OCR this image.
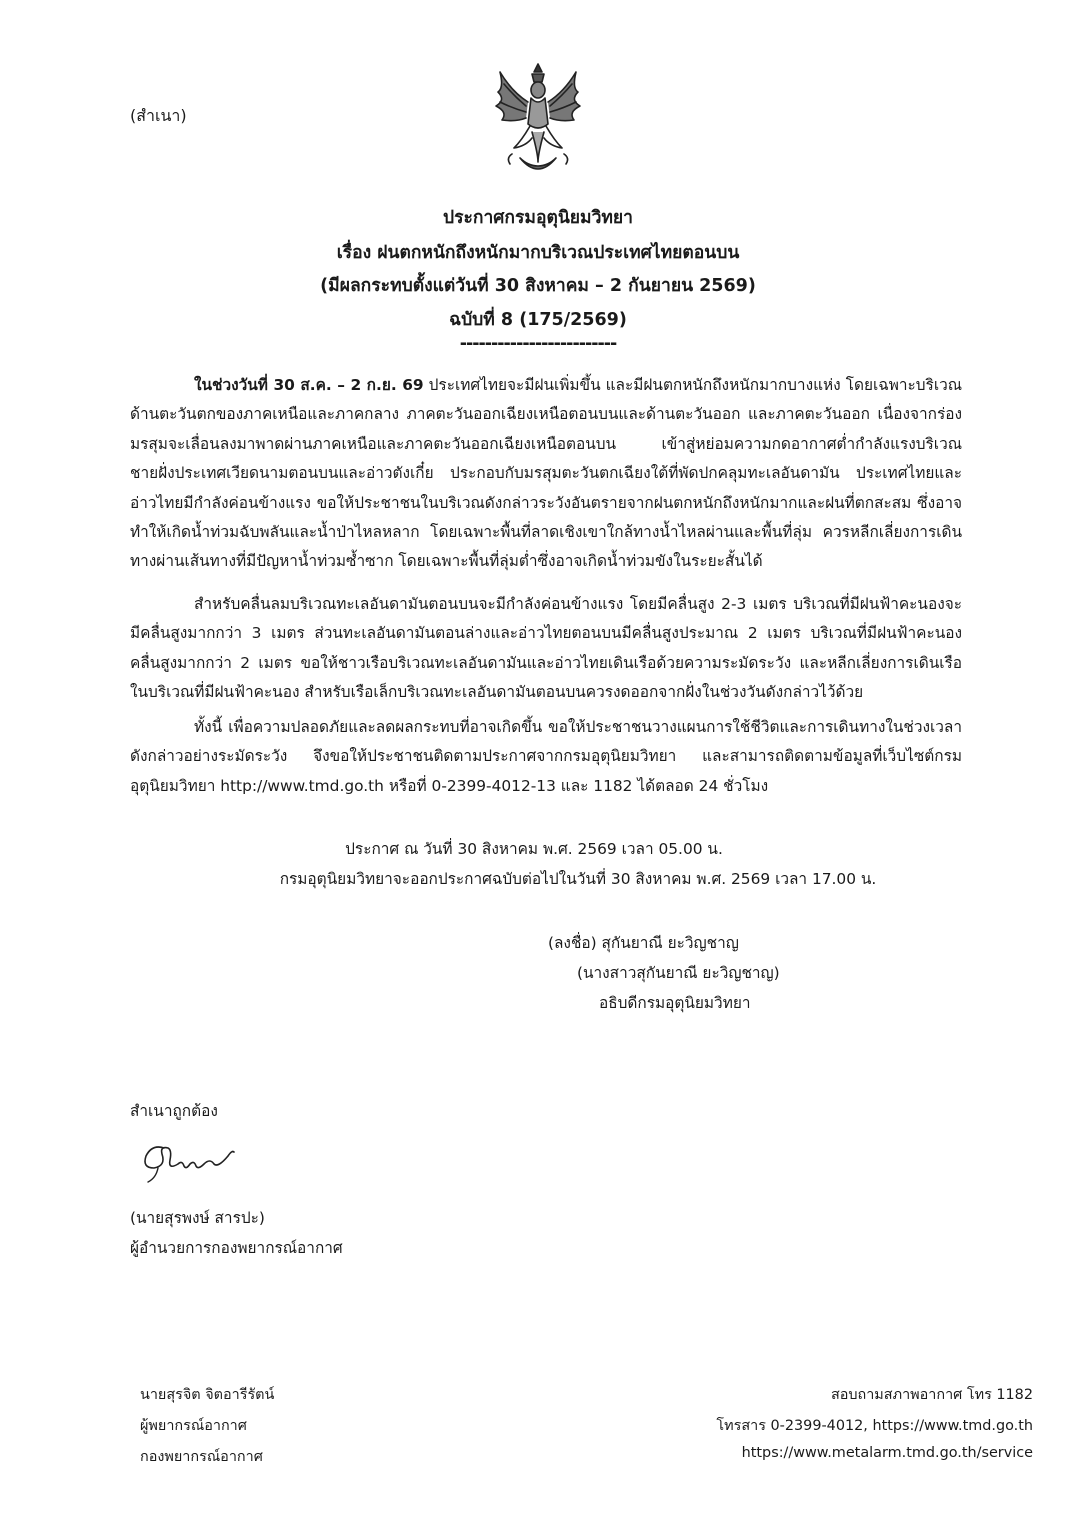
(สำเนา)
ประกาศกรมอุตุนิยมวิทยา
เรื่อง ฝนตกหนักถึงหนักมากบริเวณประเทศไทยตอนบน
(มีผลกระทบตั้งแต่วันที่ 30 สิงหาคม – 2 กันยายน 2569)
ฉบับที่ 8 (175/2569)
-------------------------
ในช่วงวันที่ 30 ส.ค. – 2 ก.ย. 69 ประเทศไทยจะมีฝนเพิ่มขึ้น และมีฝนตกหนักถึงหนักมากบางแห่ง โดยเฉพาะบริเวณด้านตะวันตกของภาคเหนือและภาคกลาง ภาคตะวันออกเฉียงเหนือตอนบนและด้านตะวันออก และภาคตะวันออก เนื่องจากร่องมรสุมจะเลื่อนลงมาพาดผ่านภาคเหนือและภาคตะวันออกเฉียงเหนือตอนบน เข้าสู่หย่อมความกดอากาศต่ำกำลังแรงบริเวณชายฝั่งประเทศเวียดนามตอนบนและอ่าวตังเกี๋ย ประกอบกับมรสุมตะวันตกเฉียงใต้ที่พัดปกคลุมทะเลอันดามัน ประเทศไทยและอ่าวไทยมีกำลังค่อนข้างแรง ขอให้ประชาชนในบริเวณดังกล่าวระวังอันตรายจากฝนตกหนักถึงหนักมากและฝนที่ตกสะสม ซึ่งอาจทำให้เกิดน้ำท่วมฉับพลันและน้ำป่าไหลหลาก โดยเฉพาะพื้นที่ลาดเชิงเขาใกล้ทางน้ำไหลผ่านและพื้นที่ลุ่ม ควรหลีกเลี่ยงการเดินทางผ่านเส้นทางที่มีปัญหาน้ำท่วมซ้ำซาก โดยเฉพาะพื้นที่ลุ่มต่ำซึ่งอาจเกิดน้ำท่วมขังในระยะสั้นได้
สำหรับคลื่นลมบริเวณทะเลอันดามันตอนบนจะมีกำลังค่อนข้างแรง โดยมีคลื่นสูง 2-3 เมตร บริเวณที่มีฝนฟ้าคะนองจะมีคลื่นสูงมากกว่า 3 เมตร ส่วนทะเลอันดามันตอนล่างและอ่าวไทยตอนบนมีคลื่นสูงประมาณ 2 เมตร บริเวณที่มีฝนฟ้าคะนองคลื่นสูงมากกว่า 2 เมตร ขอให้ชาวเรือบริเวณทะเลอันดามันและอ่าวไทยเดินเรือด้วยความระมัดระวัง และหลีกเลี่ยงการเดินเรือในบริเวณที่มีฝนฟ้าคะนอง สำหรับเรือเล็กบริเวณทะเลอันดามันตอนบนควรงดออกจากฝั่งในช่วงวันดังกล่าวไว้ด้วย
ทั้งนี้ เพื่อความปลอดภัยและลดผลกระทบที่อาจเกิดขึ้น ขอให้ประชาชนวางแผนการใช้ชีวิตและการเดินทางในช่วงเวลาดังกล่าวอย่างระมัดระวัง จึงขอให้ประชาชนติดตามประกาศจากกรมอุตุนิยมวิทยา และสามารถติดตามข้อมูลที่เว็บไซต์กรมอุตุนิยมวิทยา http://www.tmd.go.th หรือที่ 0-2399-4012-13 และ 1182 ได้ตลอด 24 ชั่วโมง
ประกาศ ณ วันที่ 30 สิงหาคม พ.ศ. 2569 เวลา 05.00 น.
กรมอุตุนิยมวิทยาจะออกประกาศฉบับต่อไปในวันที่ 30 สิงหาคม พ.ศ. 2569 เวลา 17.00 น.
(ลงชื่อ) สุกันยาณี ยะวิญชาญ
(นางสาวสุกันยาณี ยะวิญชาญ)
อธิบดีกรมอุตุนิยมวิทยา
สำเนาถูกต้อง
(นายสุรพงษ์ สารปะ)
ผู้อำนวยการกองพยากรณ์อากาศ
นายสุรจิต จิตอารีรัตน์
ผู้พยากรณ์อากาศ
กองพยากรณ์อากาศ
สอบถามสภาพอากาศ โทร 1182
โทรสาร 0-2399-4012, https://www.tmd.go.th
https://www.metalarm.tmd.go.th/service
